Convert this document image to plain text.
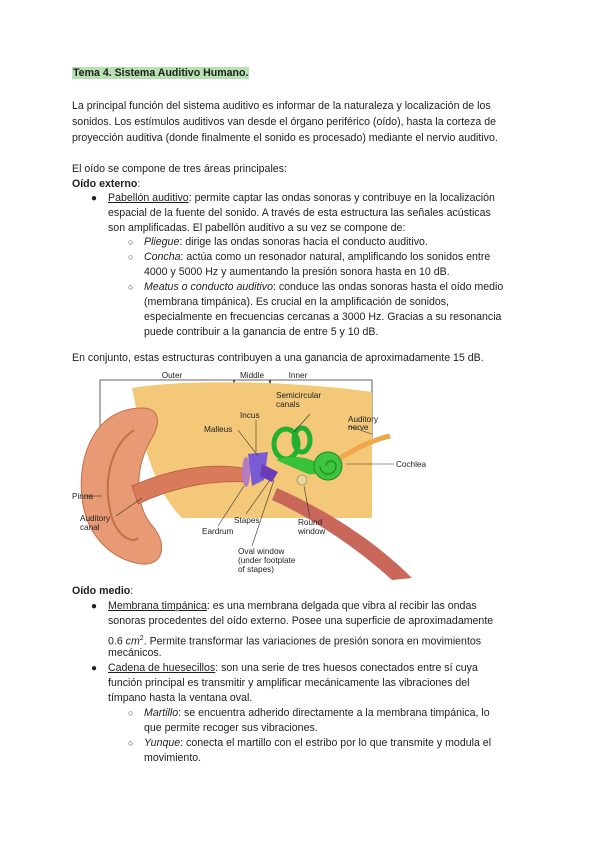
Tema 4. Sistema Auditivo Humano.
La principal función del sistema auditivo es informar de la naturaleza y localización de los
sonidos. Los estímulos auditivos van desde el órgano periférico (oído), hasta la corteza de
proyección auditiva (donde finalmente el sonido es procesado) mediante el nervio auditivo.
El oído se compone de tres áreas principales:
Oído externo:
● Pabellón auditivo: permite captar las ondas sonoras y contribuye en la localización
espacial de la fuente del sonido. A través de esta estructura las señales acústicas
son amplificadas. El pabellón auditivo a su vez se compone de:
○ Pliegue: dirige las ondas sonoras hacia el conducto auditivo.
○ Concha: actúa como un resonador natural, amplificando los sonidos entre
4000 y 5000 Hz y aumentando la presión sonora hasta en 10 dB.
○ Meatus o conducto auditivo: conduce las ondas sonoras hasta el oído medio
(membrana timpánica). Es crucial en la amplificación de sonidos,
especialmente en frecuencias cercanas a 3000 Hz. Gracias a su resonancia
puede contribuir a la ganancia de entre 5 y 10 dB.
En conjunto, estas estructuras contribuyen a una ganancia de aproximadamente 15 dB.
Outer	Middle	Inner
Semicircular
canals
Auditory
nerve
Incus
Malleus
Cochlea
Pinna
Auditory
canal
Stapes
Eardrum
Round
window
Oval window
(under footplate
of stapes)
Oído medio:
● Membrana timpánica: es una membrana delgada que vibra al recibir las ondas
sonoras procedentes del oído externo. Posee una superficie de aproximadamente
0.6 $cm^2$. Permite transformar las variaciones de presión sonora en movimientos
mecánicos.
● Cadena de huesecillos: son una serie de tres huesos conectados entre sí cuya
función principal es transmitir y amplificar mecánicamente las vibraciones del
tímpano hasta la ventana oval.
○ Martillo: se encuentra adherido directamente a la membrana timpánica, lo
que permite recoger sus vibraciones.
○ Yunque: conecta el martillo con el estribo por lo que transmite y modula el
movimiento.
